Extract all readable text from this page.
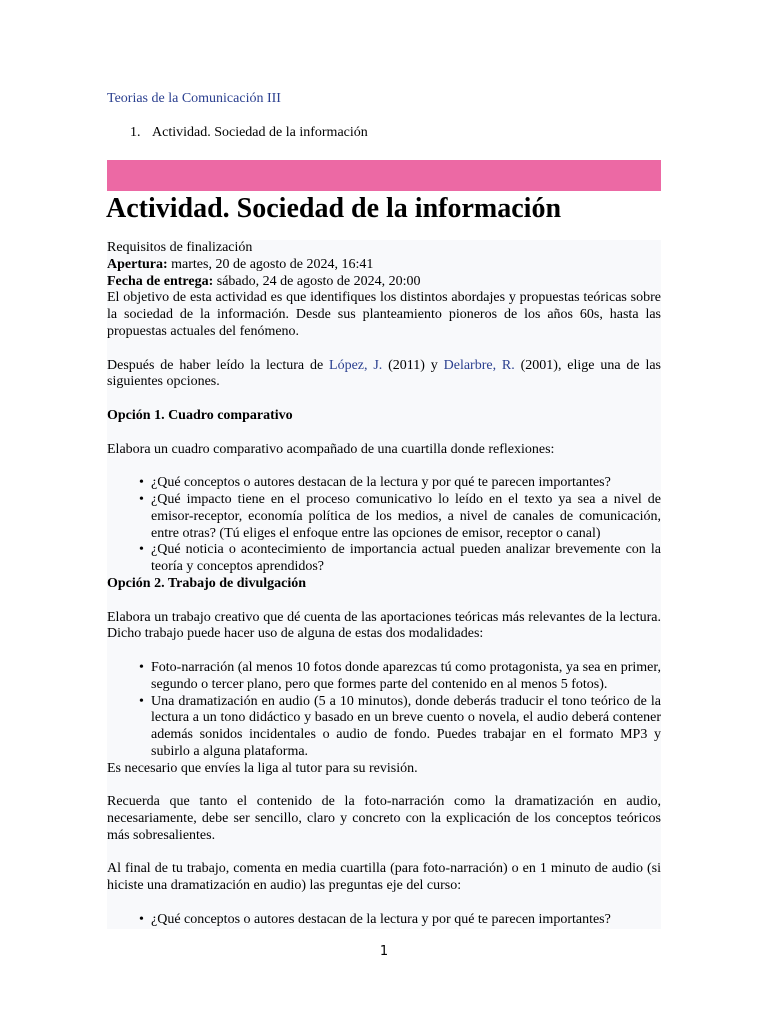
Teorias de la Comunicación III
1. Actividad. Sociedad de la información
Actividad. Sociedad de la información

Requisitos de finalización

Apertura: martes, 20 de agosto de 2024, 16:41

Fecha de entrega: sábado, 24 de agosto de 2024, 20:00

El objetivo de esta actividad es que identifiques los distintos abordajes y propuestas teóricas sobre la sociedad de la información. Desde sus planteamiento pioneros de los años 60s, hasta las propuestas actuales del fenómeno.

Después de haber leído la lectura de López, J. (2011) y Delarbre, R. (2001), elige una de las siguientes opciones.

Opción 1. Cuadro comparativo

Elabora un cuadro comparativo acompañado de una cuartilla donde reflexiones:

• ¿Qué conceptos o autores destacan de la lectura y por qué te parecen importantes?
• ¿Qué impacto tiene en el proceso comunicativo lo leído en el texto ya sea a nivel de emisor-receptor, economía política de los medios, a nivel de canales de comunicación, entre otras? (Tú eliges el enfoque entre las opciones de emisor, receptor o canal)
• ¿Qué noticia o acontecimiento de importancia actual pueden analizar brevemente con la teoría y conceptos aprendidos?

Opción 2. Trabajo de divulgación

Elabora un trabajo creativo que dé cuenta de las aportaciones teóricas más relevantes de la lectura. Dicho trabajo puede hacer uso de alguna de estas dos modalidades:

• Foto-narración (al menos 10 fotos donde aparezcas tú como protagonista, ya sea en primer, segundo o tercer plano, pero que formes parte del contenido en al menos 5 fotos).
• Una dramatización en audio (5 a 10 minutos), donde deberás traducir el tono teórico de la lectura a un tono didáctico y basado en un breve cuento o novela, el audio deberá contener además sonidos incidentales o audio de fondo. Puedes trabajar en el formato MP3 y subirlo a alguna plataforma.

Es necesario que envíes la liga al tutor para su revisión.

Recuerda que tanto el contenido de la foto-narración como la dramatización en audio, necesariamente, debe ser sencillo, claro y concreto con la explicación de los conceptos teóricos más sobresalientes.

Al final de tu trabajo, comenta en media cuartilla (para foto-narración) o en 1 minuto de audio (si hiciste una dramatización en audio) las preguntas eje del curso:

• ¿Qué conceptos o autores destacan de la lectura y por qué te parecen importantes?
1
